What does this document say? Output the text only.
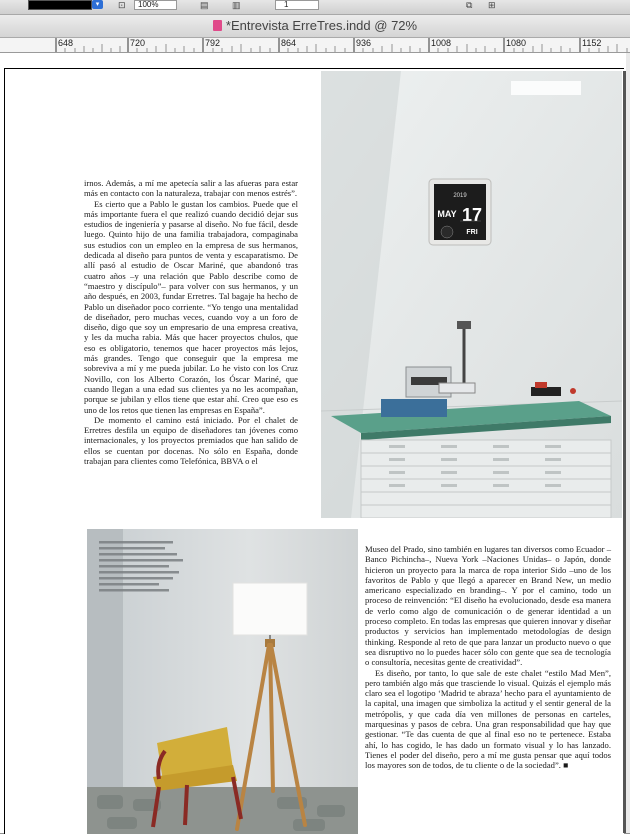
▾	⊡	100%	▤	▥	1	⧉ ⊞
*Entrevista ErreTres.indd @ 72%
648	720	792	864	936	1008	1080	1152

irnos. Además, a mí me apetecía salir a las afueras para estar más en contacto con la naturaleza, trabajar con menos estrés”.

Es cierto que a Pablo le gustan los cambios. Puede que el más importante fuera el que realizó cuando decidió dejar sus estudios de ingeniería y pasarse al diseño. No fue fácil, desde luego. Quinto hijo de una familia trabajadora, compaginaba sus estudios con un empleo en la empresa de sus hermanos, dedicada al diseño para puntos de venta y escaparatismo. De allí pasó al estudio de Oscar Mariné, que abandonó tras cuatro años –y una relación que Pablo describe como de “maestro y discípulo”– para volver con sus hermanos, y un año después, en 2003, fundar Erretres. Tal bagaje ha hecho de Pablo un diseñador poco corriente. “Yo tengo una mentalidad de diseñador, pero muchas veces, cuando voy a un foro de diseño, digo que soy un empresario de una empresa creativa, y les da mucha rabia. Más que hacer proyectos chulos, que eso es obligatorio, tenemos que hacer proyectos más lejos, más grandes. Tengo que conseguir que la empresa me sobreviva a mí y me pueda jubilar. Lo he visto con los Cruz Novillo, con los Alberto Corazón, los Óscar Mariné, que cuando llegan a una edad sus clientes ya no les acompañan, porque se jubilan y ellos tiene que estar ahí. Creo que eso es uno de los retos que tienen las empresas en España”.

De momento el camino está iniciado. Por el chalet de Erretres desfila un equipo de diseñadores tan jóvenes como internacionales, y los proyectos premiados que han salido de ellos se cuentan por docenas. No sólo en España, donde trabajan para clientes como Telefónica, BBVA o el

2019
MAY 17
FRI

Museo del Prado, sino también en lugares tan diversos como Ecuador –Banco Pichincha–, Nueva York –Naciones Unidas– o Japón, donde hicieron un proyecto para la marca de ropa interior Sido –uno de los favoritos de Pablo y que llegó a aparecer en Brand New, un medio americano especializado en branding–. Y por el camino, todo un proceso de reinvención: “El diseño ha evolucionado, desde esa manera de verlo como algo de comunicación o de generar identidad a un proceso completo. En todas las empresas que quieren innovar y diseñar productos y servicios han implementado metodologías de design thinking. Responde al reto de que para lanzar un producto nuevo o que sea disruptivo no lo puedes hacer sólo con gente que sea de tecnología o consultoría, necesitas gente de creatividad”.

Es diseño, por tanto, lo que sale de este chalet “estilo Mad Men”, pero también algo más que trasciende lo visual. Quizás el ejemplo más claro sea el logotipo ‘Madrid te abraza’ hecho para el ayuntamiento de la capital, una imagen que simboliza la actitud y el sentir general de la metrópolis, y que cada día ven millones de personas en carteles, marquesinas y pasos de cebra. Una gran responsabilidad que hay que gestionar. “Te das cuenta de que al final eso no te pertenece. Estaba ahí, lo has cogido, le has dado un formato visual y lo has lanzado. Tienes el poder del diseño, pero a mí me gusta pensar que aquí todos los mayores son de todos, de tu cliente o de la sociedad”. ■
